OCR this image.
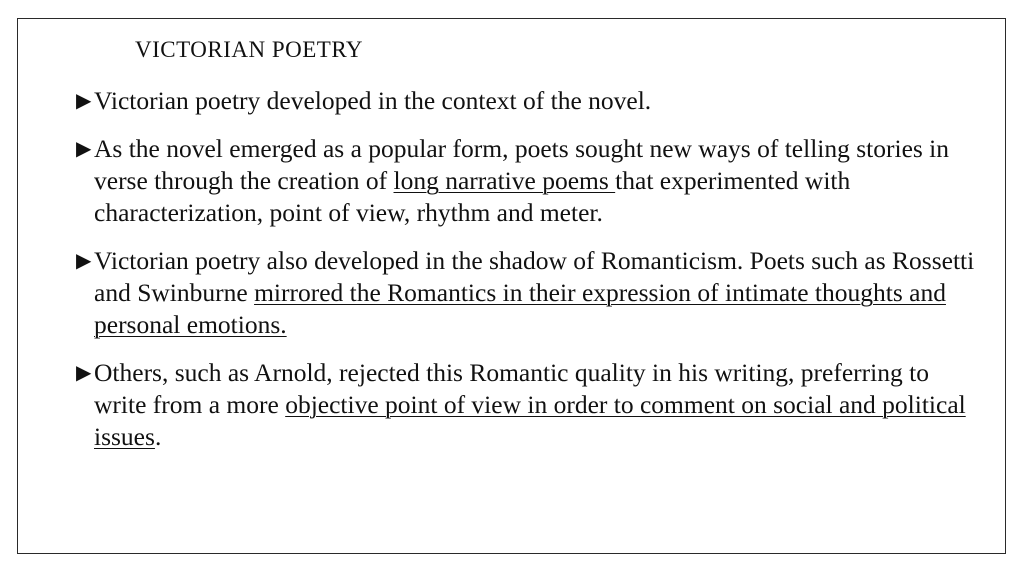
VICTORIAN POETRY
▶ Victorian poetry developed in the context of the novel.
▶ As the novel emerged as a popular form, poets sought new ways of telling stories in verse through the creation of long narrative poems that experimented with characterization, point of view, rhythm and meter.
▶ Victorian poetry also developed in the shadow of Romanticism. Poets such as Rossetti and Swinburne mirrored the Romantics in their expression of intimate thoughts and personal emotions.
▶ Others, such as Arnold, rejected this Romantic quality in his writing, preferring to write from a more objective point of view in order to comment on social and political issues.
